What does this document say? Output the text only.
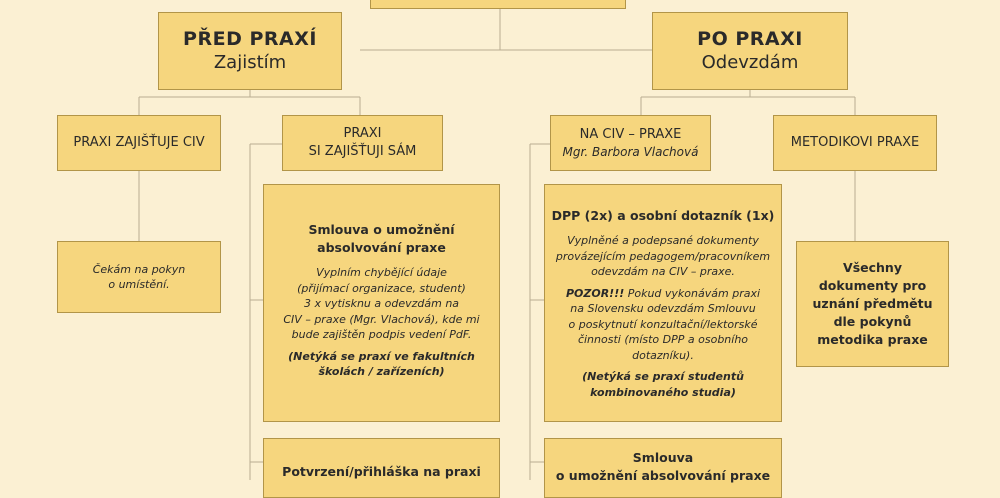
PŘED PRAXÍ
Zajistím
PO PRAXI
Odevzdám
PRAXI ZAJIŠŤUJE CIV
PRAXI
SI ZAJIŠŤUJI SÁM
NA CIV – PRAXE
Mgr. Barbora Vlachová
METODIKOVI PRAXE
Čekám na pokyn
o umístění.
Smlouva o umožnění
absolvování praxe
Vyplním chybějící údaje
(přijímací organizace, student)
3 x vytisknu a odevzdám na
CIV – praxe (Mgr. Vlachová), kde mi
bude zajištěn podpis vedení PdF.
(Netýká se praxí ve fakultních
školách / zařízeních)
Potvrzení/přihláška na praxi
DPP (2x) a osobní dotazník (1x)
Vyplněné a podepsané dokumenty
provázejícím pedagogem/pracovníkem
odevzdám na CIV – praxe.
POZOR!!! Pokud vykonávám praxi
na Slovensku odevzdám Smlouvu
o poskytnutí konzultační/lektorské
činnosti (místo DPP a osobního
dotazníku).
(Netýká se praxí studentů
kombinovaného studia)
Všechny
dokumenty pro
uznání předmětu
dle pokynů
metodika praxe
Smlouva
o umožnění absolvování praxe
